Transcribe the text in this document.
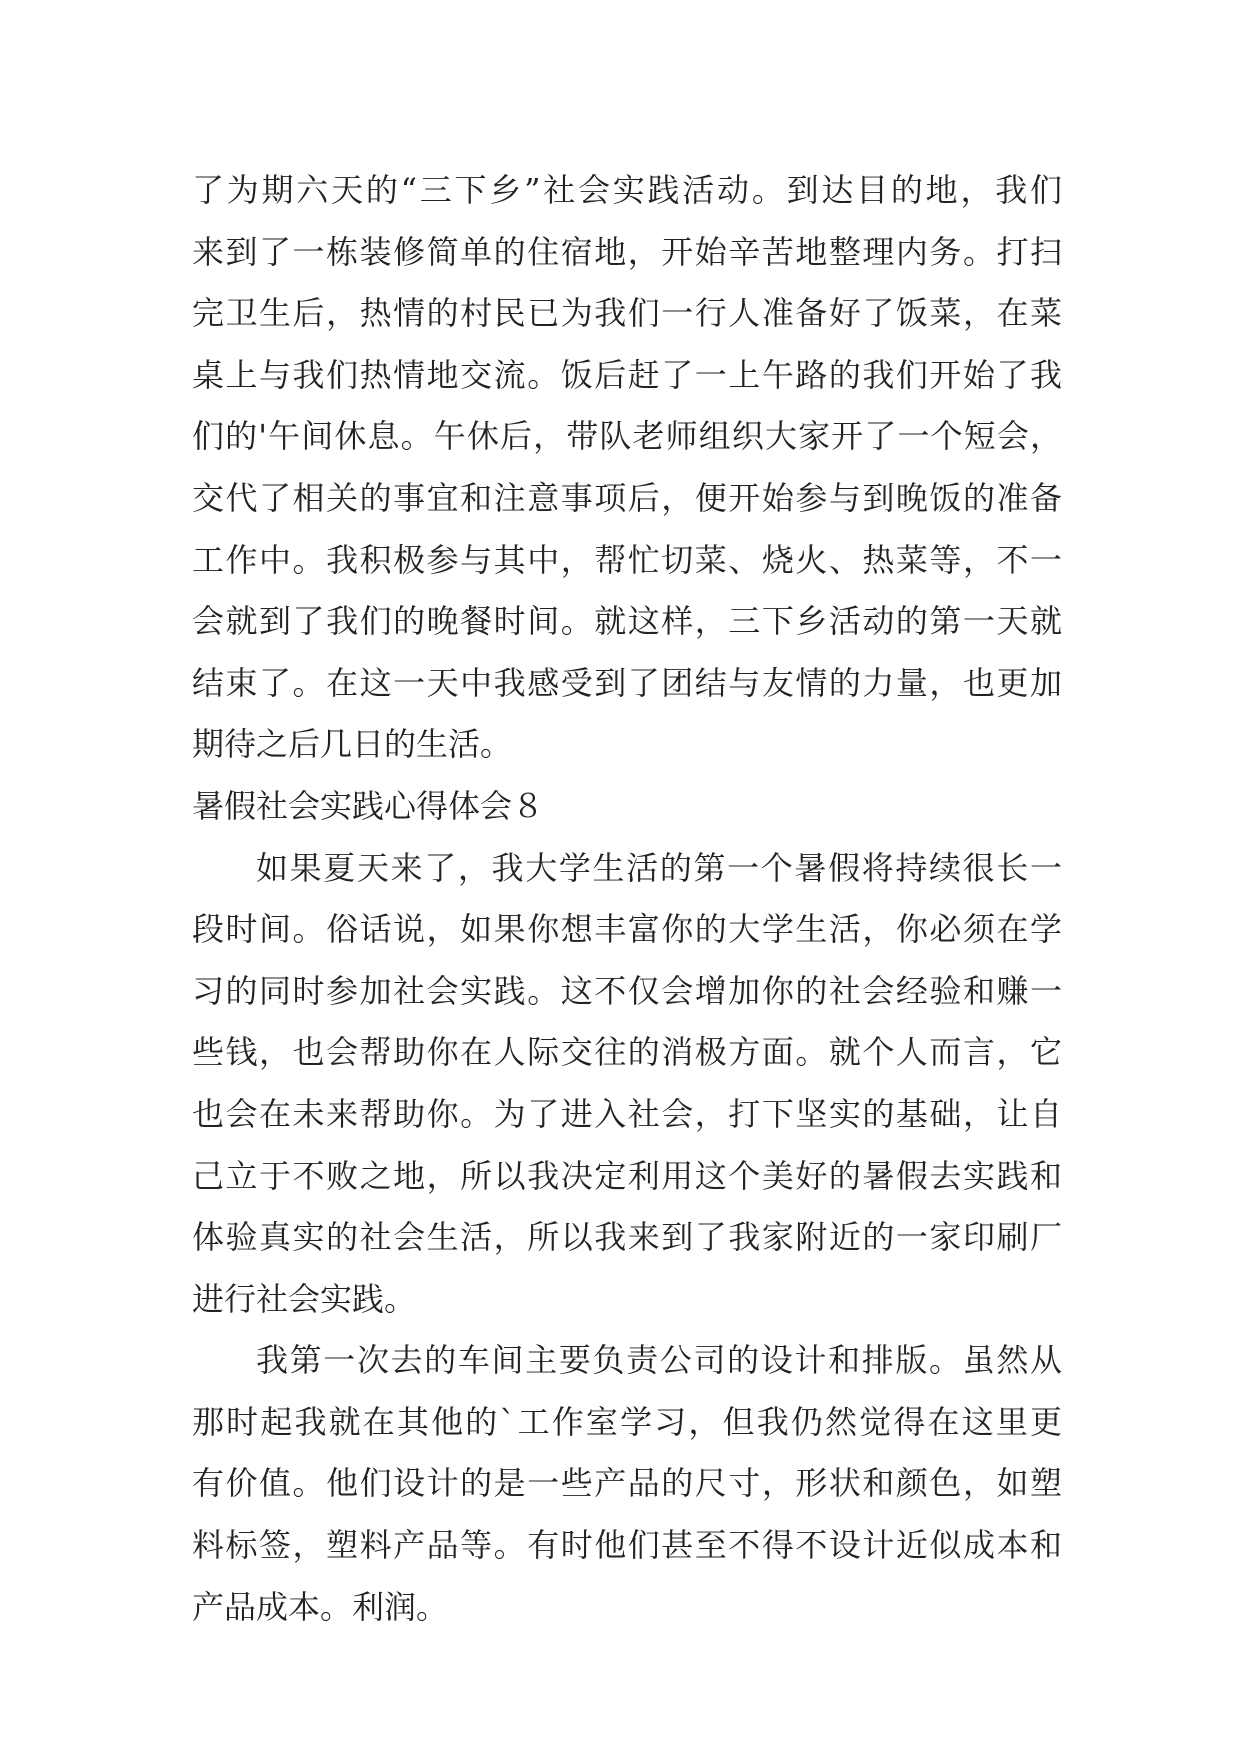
了为期六天的“三下乡”社会实践活动。到达目的地，我们
来到了一栋装修简单的住宿地，开始辛苦地整理内务。打扫
完卫生后，热情的村民已为我们一行人准备好了饭菜，在菜
桌上与我们热情地交流。饭后赶了一上午路的我们开始了我
们的'午间休息。午休后，带队老师组织大家开了一个短会，
交代了相关的事宜和注意事项后，便开始参与到晚饭的准备
工作中。我积极参与其中，帮忙切菜、烧火、热菜等，不一
会就到了我们的晚餐时间。就这样，三下乡活动的第一天就
结束了。在这一天中我感受到了团结与友情的力量，也更加
期待之后几日的生活。
暑假社会实践心得体会８
如果夏天来了，我大学生活的第一个暑假将持续很长一
段时间。俗话说，如果你想丰富你的大学生活，你必须在学
习的同时参加社会实践。这不仅会增加你的社会经验和赚一
些钱，也会帮助你在人际交往的消极方面。就个人而言，它
也会在未来帮助你。为了进入社会，打下坚实的基础，让自
己立于不败之地，所以我决定利用这个美好的暑假去实践和
体验真实的社会生活，所以我来到了我家附近的一家印刷厂
进行社会实践。
我第一次去的车间主要负责公司的设计和排版。虽然从
那时起我就在其他的`工作室学习，但我仍然觉得在这里更
有价值。他们设计的是一些产品的尺寸，形状和颜色，如塑
料标签，塑料产品等。有时他们甚至不得不设计近似成本和
产品成本。利润。
